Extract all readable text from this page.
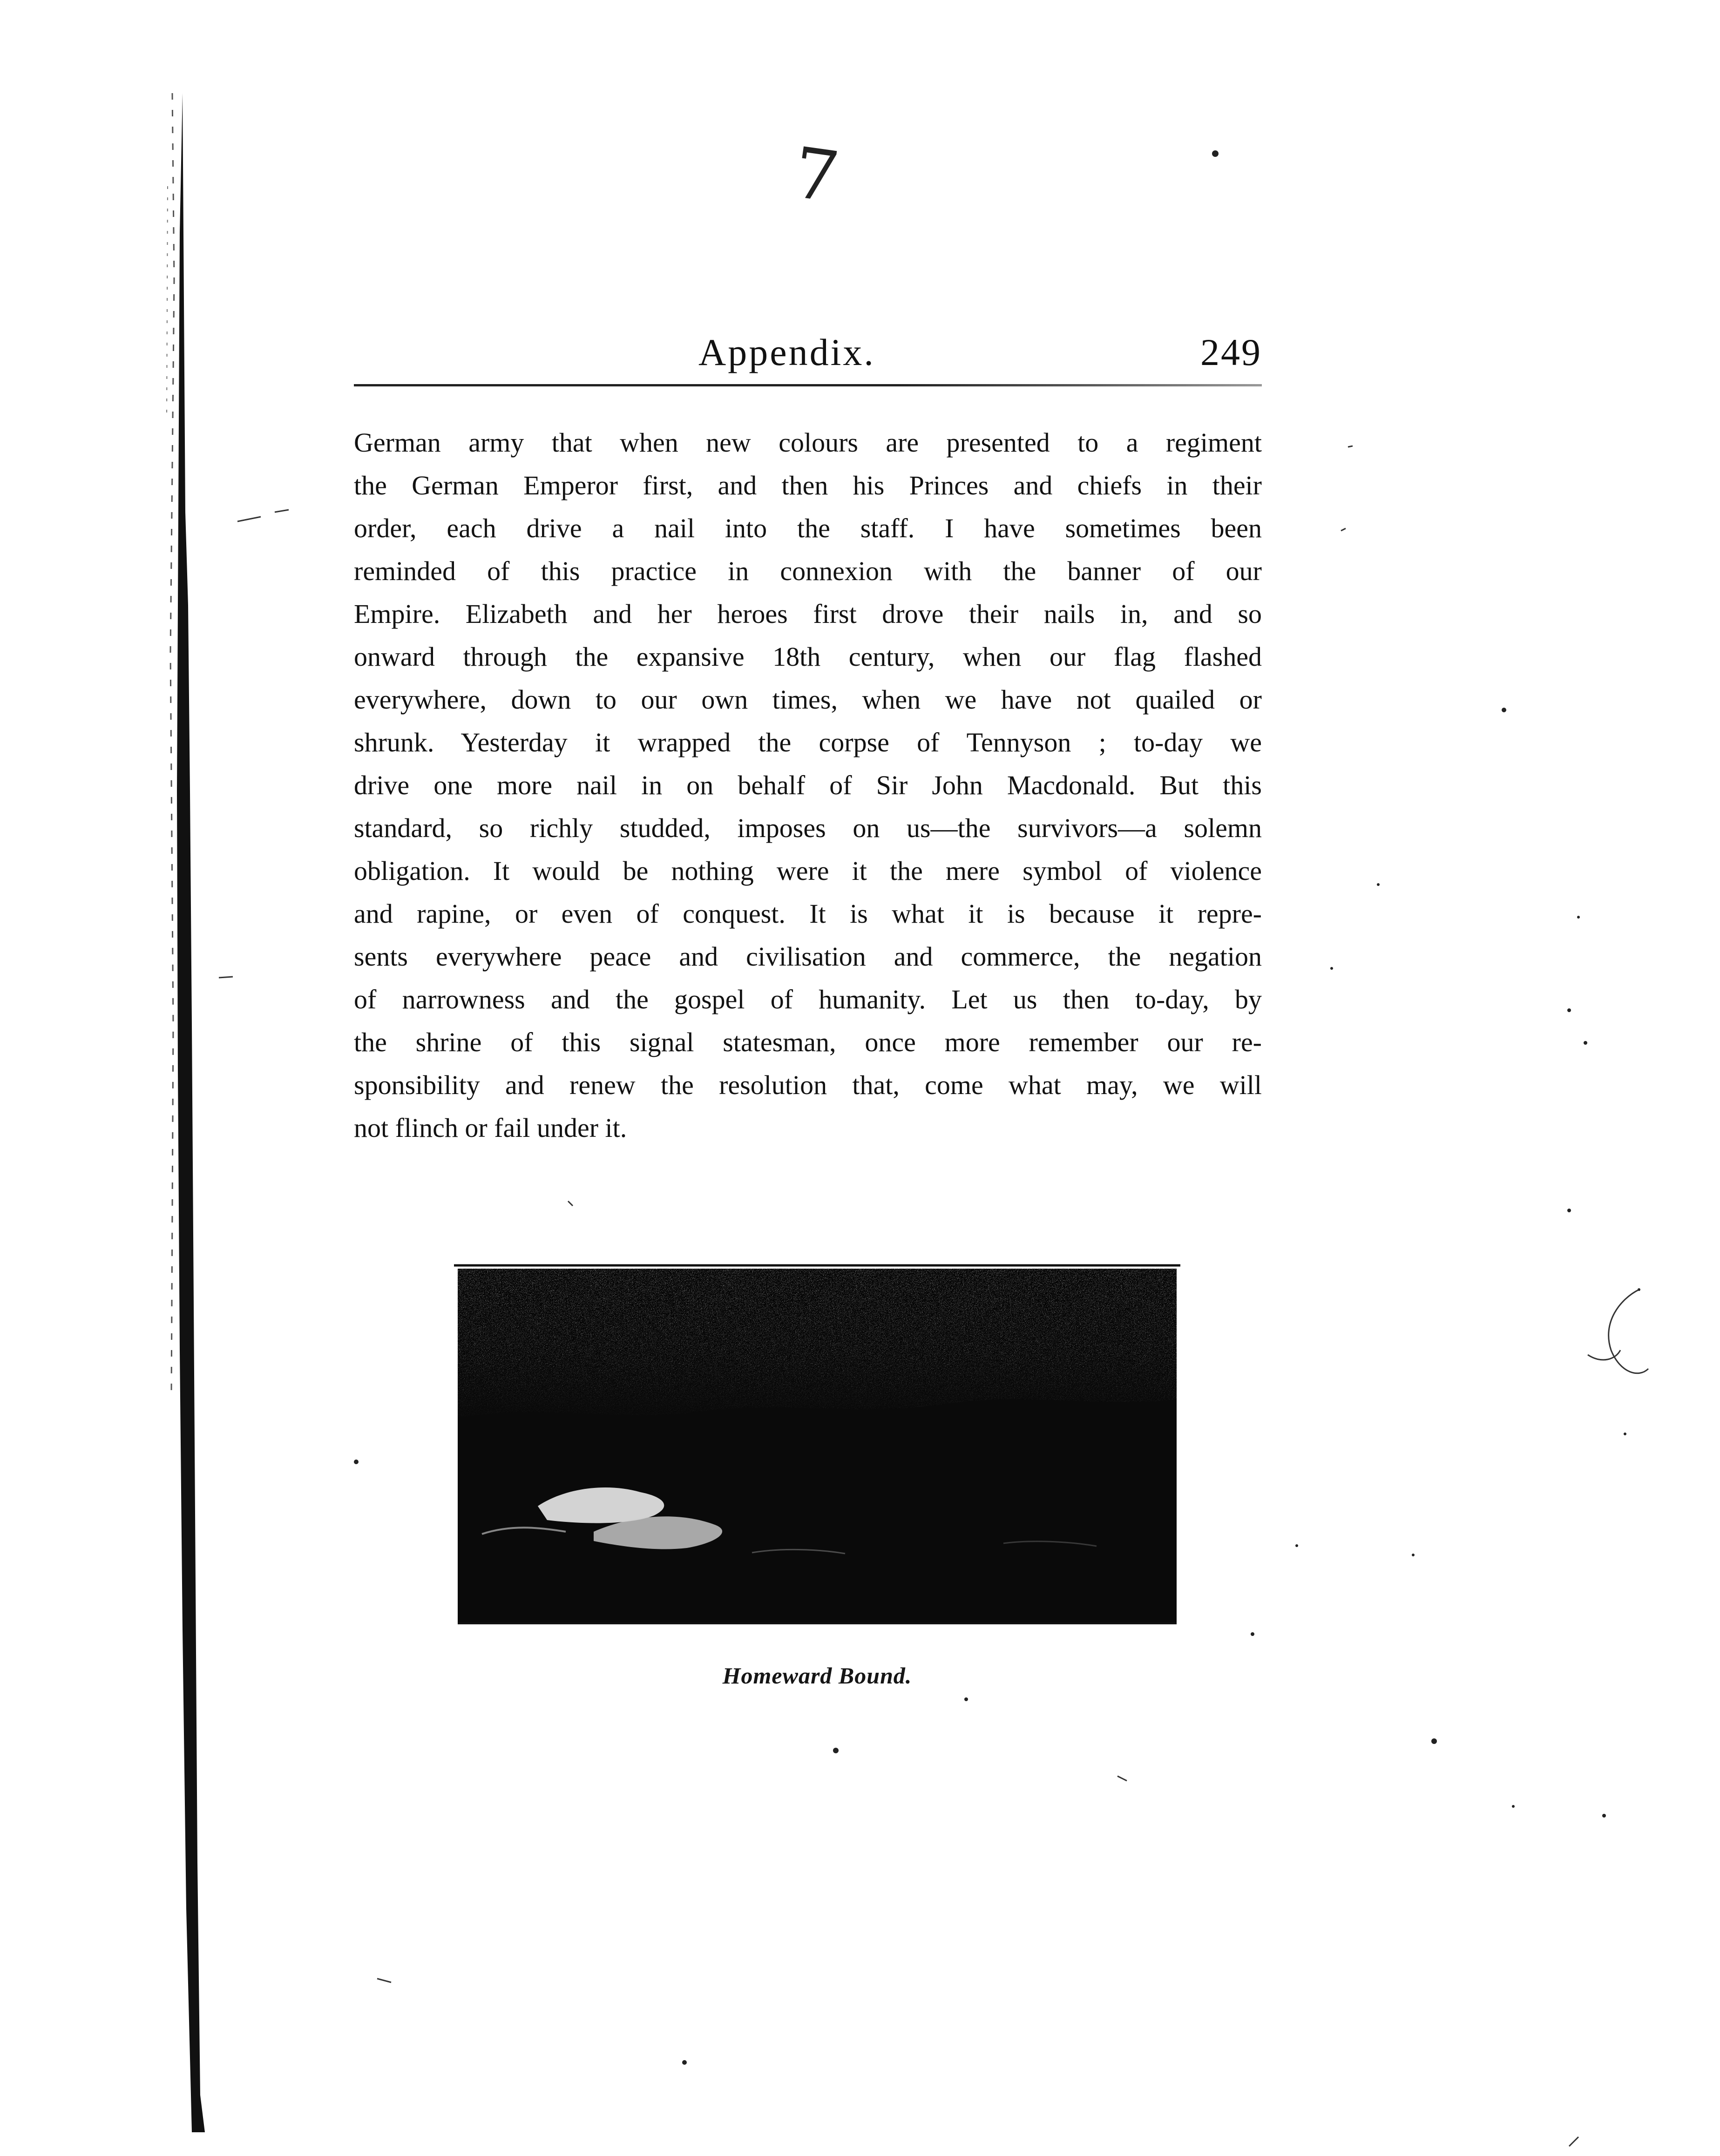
7
Appendix.	249
German army that when new colours are presented to a regiment
the German Emperor first, and then his Princes and chiefs in their
order, each drive a nail into the staff. I have sometimes been
reminded of this practice in connexion with the banner of our
Empire. Elizabeth and her heroes first drove their nails in, and so
onward through the expansive 18th century, when our flag flashed
everywhere, down to our own times, when we have not quailed or
shrunk. Yesterday it wrapped the corpse of Tennyson ; to-day we
drive one more nail in on behalf of Sir John Macdonald. But this
standard, so richly studded, imposes on us—the survivors—a solemn
obligation. It would be nothing were it the mere symbol of violence
and rapine, or even of conquest. It is what it is because it repre-
sents everywhere peace and civilisation and commerce, the negation
of narrowness and the gospel of humanity. Let us then to-day, by
the shrine of this signal statesman, once more remember our re-
sponsibility and renew the resolution that, come what may, we will
not flinch or fail under it.
Homeward Bound.
